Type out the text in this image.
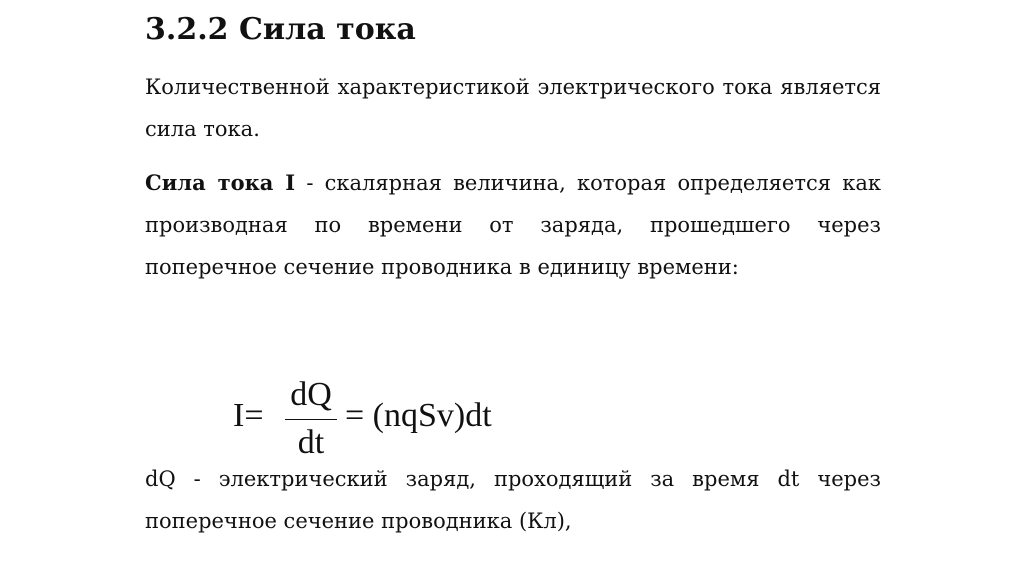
3.2.2 Сила тока

Количественной характеристикой электрического тока является сила тока.

Сила тока I - скалярная величина, которая определяется как производная по времени от заряда, прошедшего через поперечное сечение проводника в единицу времени:

dQ - электрический заряд, проходящий за время dt через поперечное сечение проводника (Кл),

I=
dQ
dt
= (nqSv)dt
